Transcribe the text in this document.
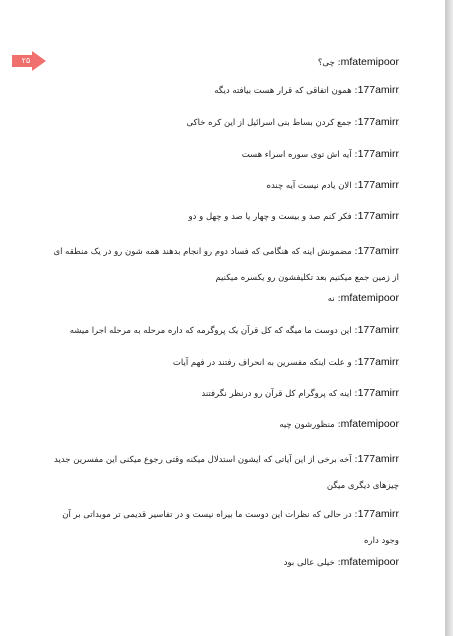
۲۵	mfatemipoor: چی؟

177amirr: همون اتفاقی که قرار هست بیافته دیگه

177amirr: جمع کردن بساط بنی اسرائیل از این کره خاکی

177amirr: آیه اش توی سوره اسراء هست

177amirr: الان یادم نیست آیه چنده

177amirr: فکر کنم صد و بیست و چهار یا صد و چهل و دو

177amirr: مضمونش اینه که هنگامی که فساد دوم رو انجام بدهند همه شون رو در یک منطقه ای از زمین جمع میکنیم بعد تکلیفشون رو یکسره میکنیم

mfatemipoor: نه

177amirr: این دوست ما میگه که کل قرآن یک پروگرمه که داره مرحله به مرحله اجرا میشه

177amirr: و علت اینکه مفسرین به انحراف رفتند در فهم آیات

177amirr: اینه که پروگرام کل قرآن رو درنظر نگرفتند

mfatemipoor: منظورشون چیه

177amirr: آخه برخی از این آیاتی که ایشون استدلال میکنه وقتی رجوع میکنی این مفسرین جدید چیزهای دیگری میگن

177amirr: در حالی که نظرات این دوست ما بیراه نیست و در تفاسیر قدیمی تر موبداتی بر آن وجود داره

mfatemipoor: خیلی عالی بود
